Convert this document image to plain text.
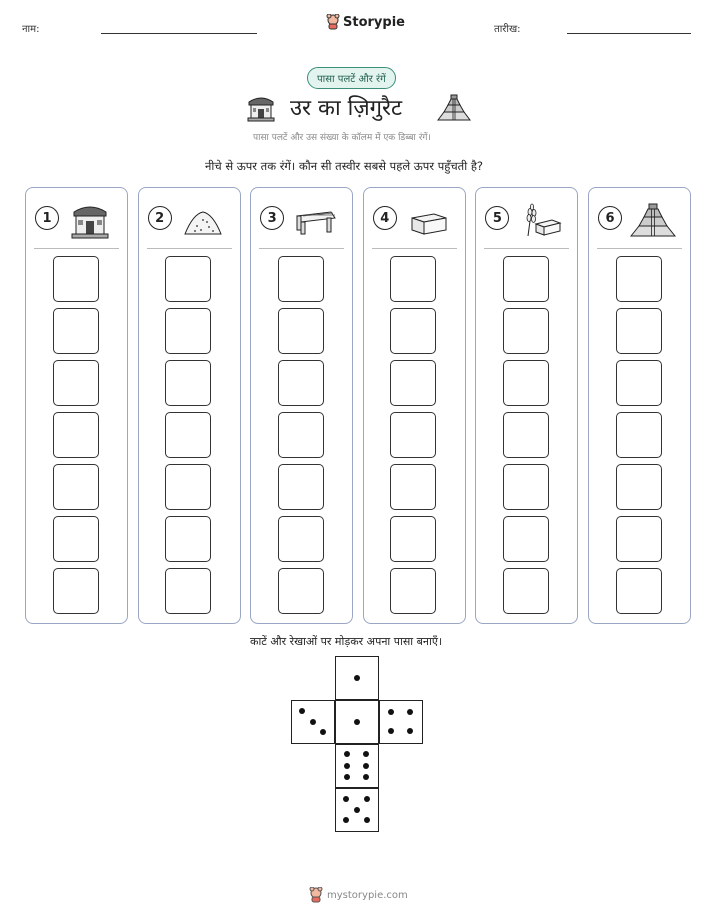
नाम:	Storypie	तारीख:
पासा पलटें और रंगें
उर का ज़िगुरैट
पासा पलटें और उस संख्या के कॉलम में एक डिब्बा रंगें।
नीचे से ऊपर तक रंगें। कौन सी तस्वीर सबसे पहले ऊपर पहुँचती है?
1	2	3	4	5	6
काटें और रेखाओं पर मोड़कर अपना पासा बनाएँ।
mystorypie.com
